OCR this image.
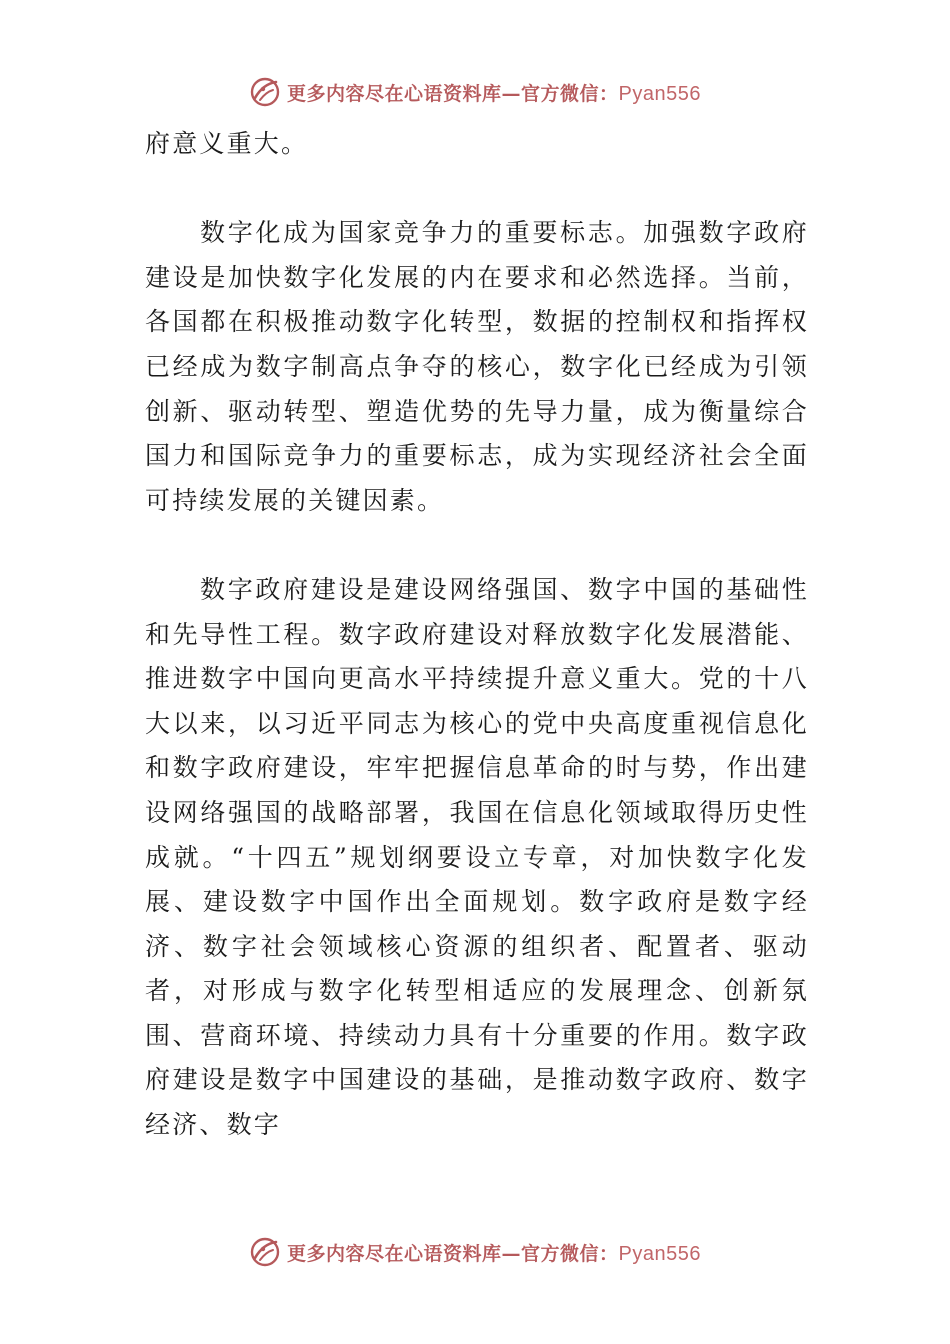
更多内容尽在心语资料库—官方微信：Pyan556

府意义重大。

数字化成为国家竞争力的重要标志。加强数字政府建设是加快数字化发展的内在要求和必然选择。当前，各国都在积极推动数字化转型，数据的控制权和指挥权已经成为数字制高点争夺的核心，数字化已经成为引领创新、驱动转型、塑造优势的先导力量，成为衡量综合国力和国际竞争力的重要标志，成为实现经济社会全面可持续发展的关键因素。

数字政府建设是建设网络强国、数字中国的基础性和先导性工程。数字政府建设对释放数字化发展潜能、推进数字中国向更高水平持续提升意义重大。党的十八大以来，以习近平同志为核心的党中央高度重视信息化和数字政府建设，牢牢把握信息革命的时与势，作出建设网络强国的战略部署，我国在信息化领域取得历史性成就。“十四五”规划纲要设立专章，对加快数字化发展、建设数字中国作出全面规划。数字政府是数字经济、数字社会领域核心资源的组织者、配置者、驱动者，对形成与数字化转型相适应的发展理念、创新氛围、营商环境、持续动力具有十分重要的作用。数字政府建设是数字中国建设的基础，是推动数字政府、数字经济、数字

更多内容尽在心语资料库—官方微信：Pyan556
